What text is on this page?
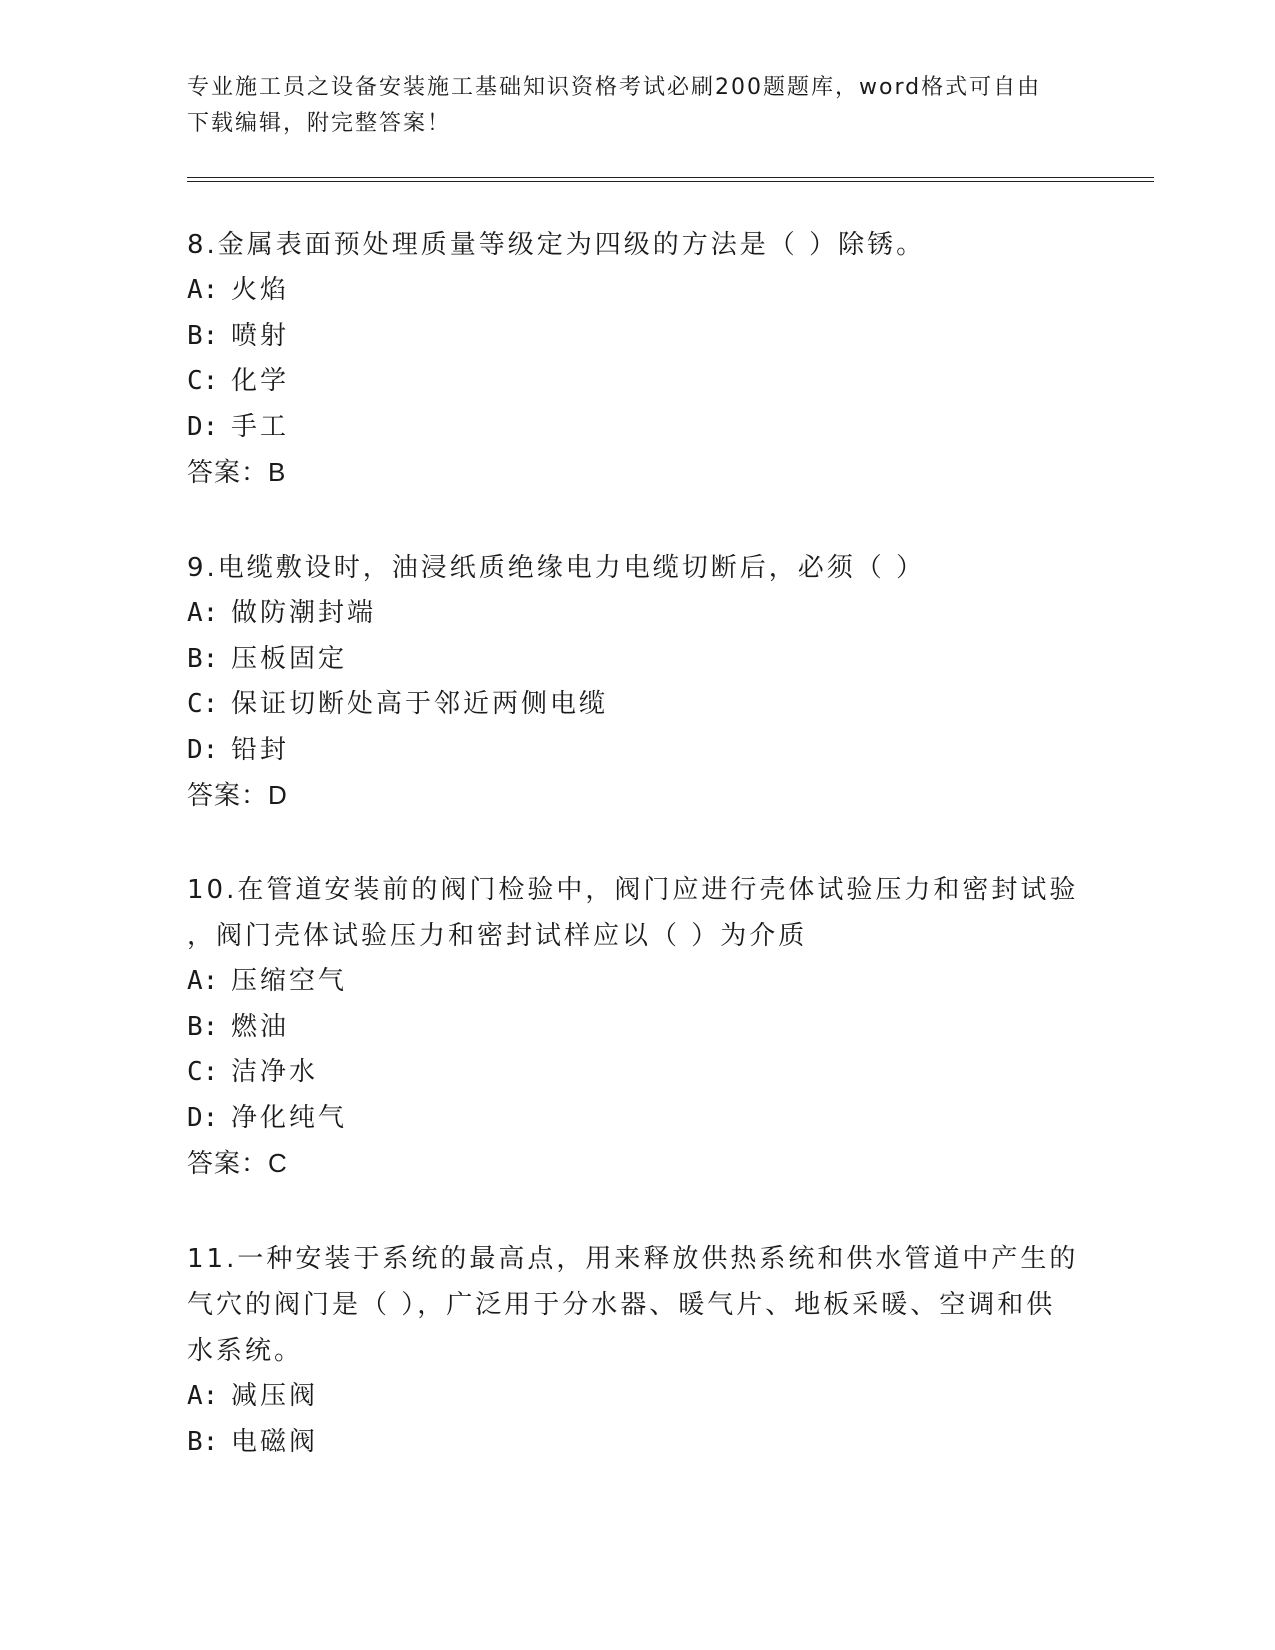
专业施工员之设备安装施工基础知识资格考试必刷200题题库，word格式可自由
下载编辑，附完整答案！
8.金属表面预处理质量等级定为四级的方法是（ ）除锈。
A: 火焰
B: 喷射
C: 化学
D: 手工
答案：B
9.电缆敷设时，油浸纸质绝缘电力电缆切断后，必须（ ）
A: 做防潮封端
B: 压板固定
C: 保证切断处高于邻近两侧电缆
D: 铅封
答案：D
10.在管道安装前的阀门检验中，阀门应进行壳体试验压力和密封试验
，阀门壳体试验压力和密封试样应以（ ）为介质
A: 压缩空气
B: 燃油
C: 洁净水
D: 净化纯气
答案：C
11.一种安装于系统的最高点，用来释放供热系统和供水管道中产生的
气穴的阀门是（ ），广泛用于分水器、暖气片、地板采暖、空调和供
水系统。
A: 减压阀
B: 电磁阀
